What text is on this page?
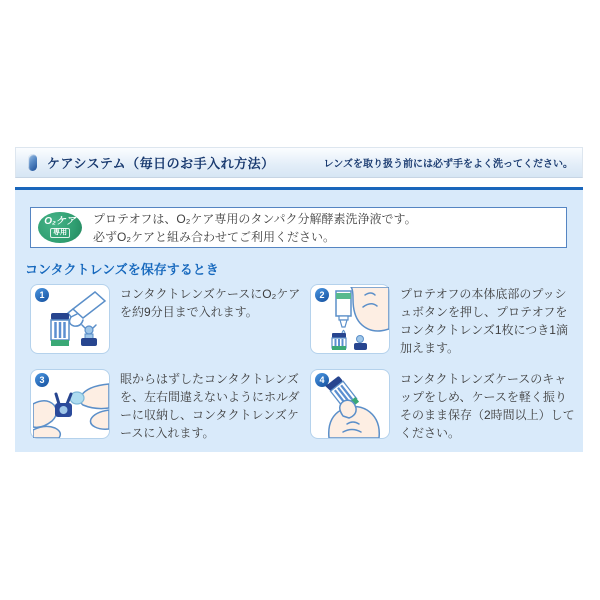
ケアシステム（毎日のお手入れ方法）	レンズを取り扱う前には必ず手をよく洗ってください。
O₂ケア
専用
プロテオフは、O₂ケア専用のタンパク分解酵素洗浄液です。
必ずO₂ケアと組み合わせてご利用ください。
コンタクトレンズを保存するとき
1	コンタクトレンズケースにO₂ケアを約9分目まで入れます。
2	プロテオフの本体底部のプッシュボタンを押し、プロテオフをコンタクトレンズ1枚につき1滴加えます。
3	眼からはずしたコンタクトレンズを、左右間違えないようにホルダーに収納し、コンタクトレンズケースに入れます。
4	コンタクトレンズケースのキャップをしめ、ケースを軽く振りそのまま保存（2時間以上）してください。
